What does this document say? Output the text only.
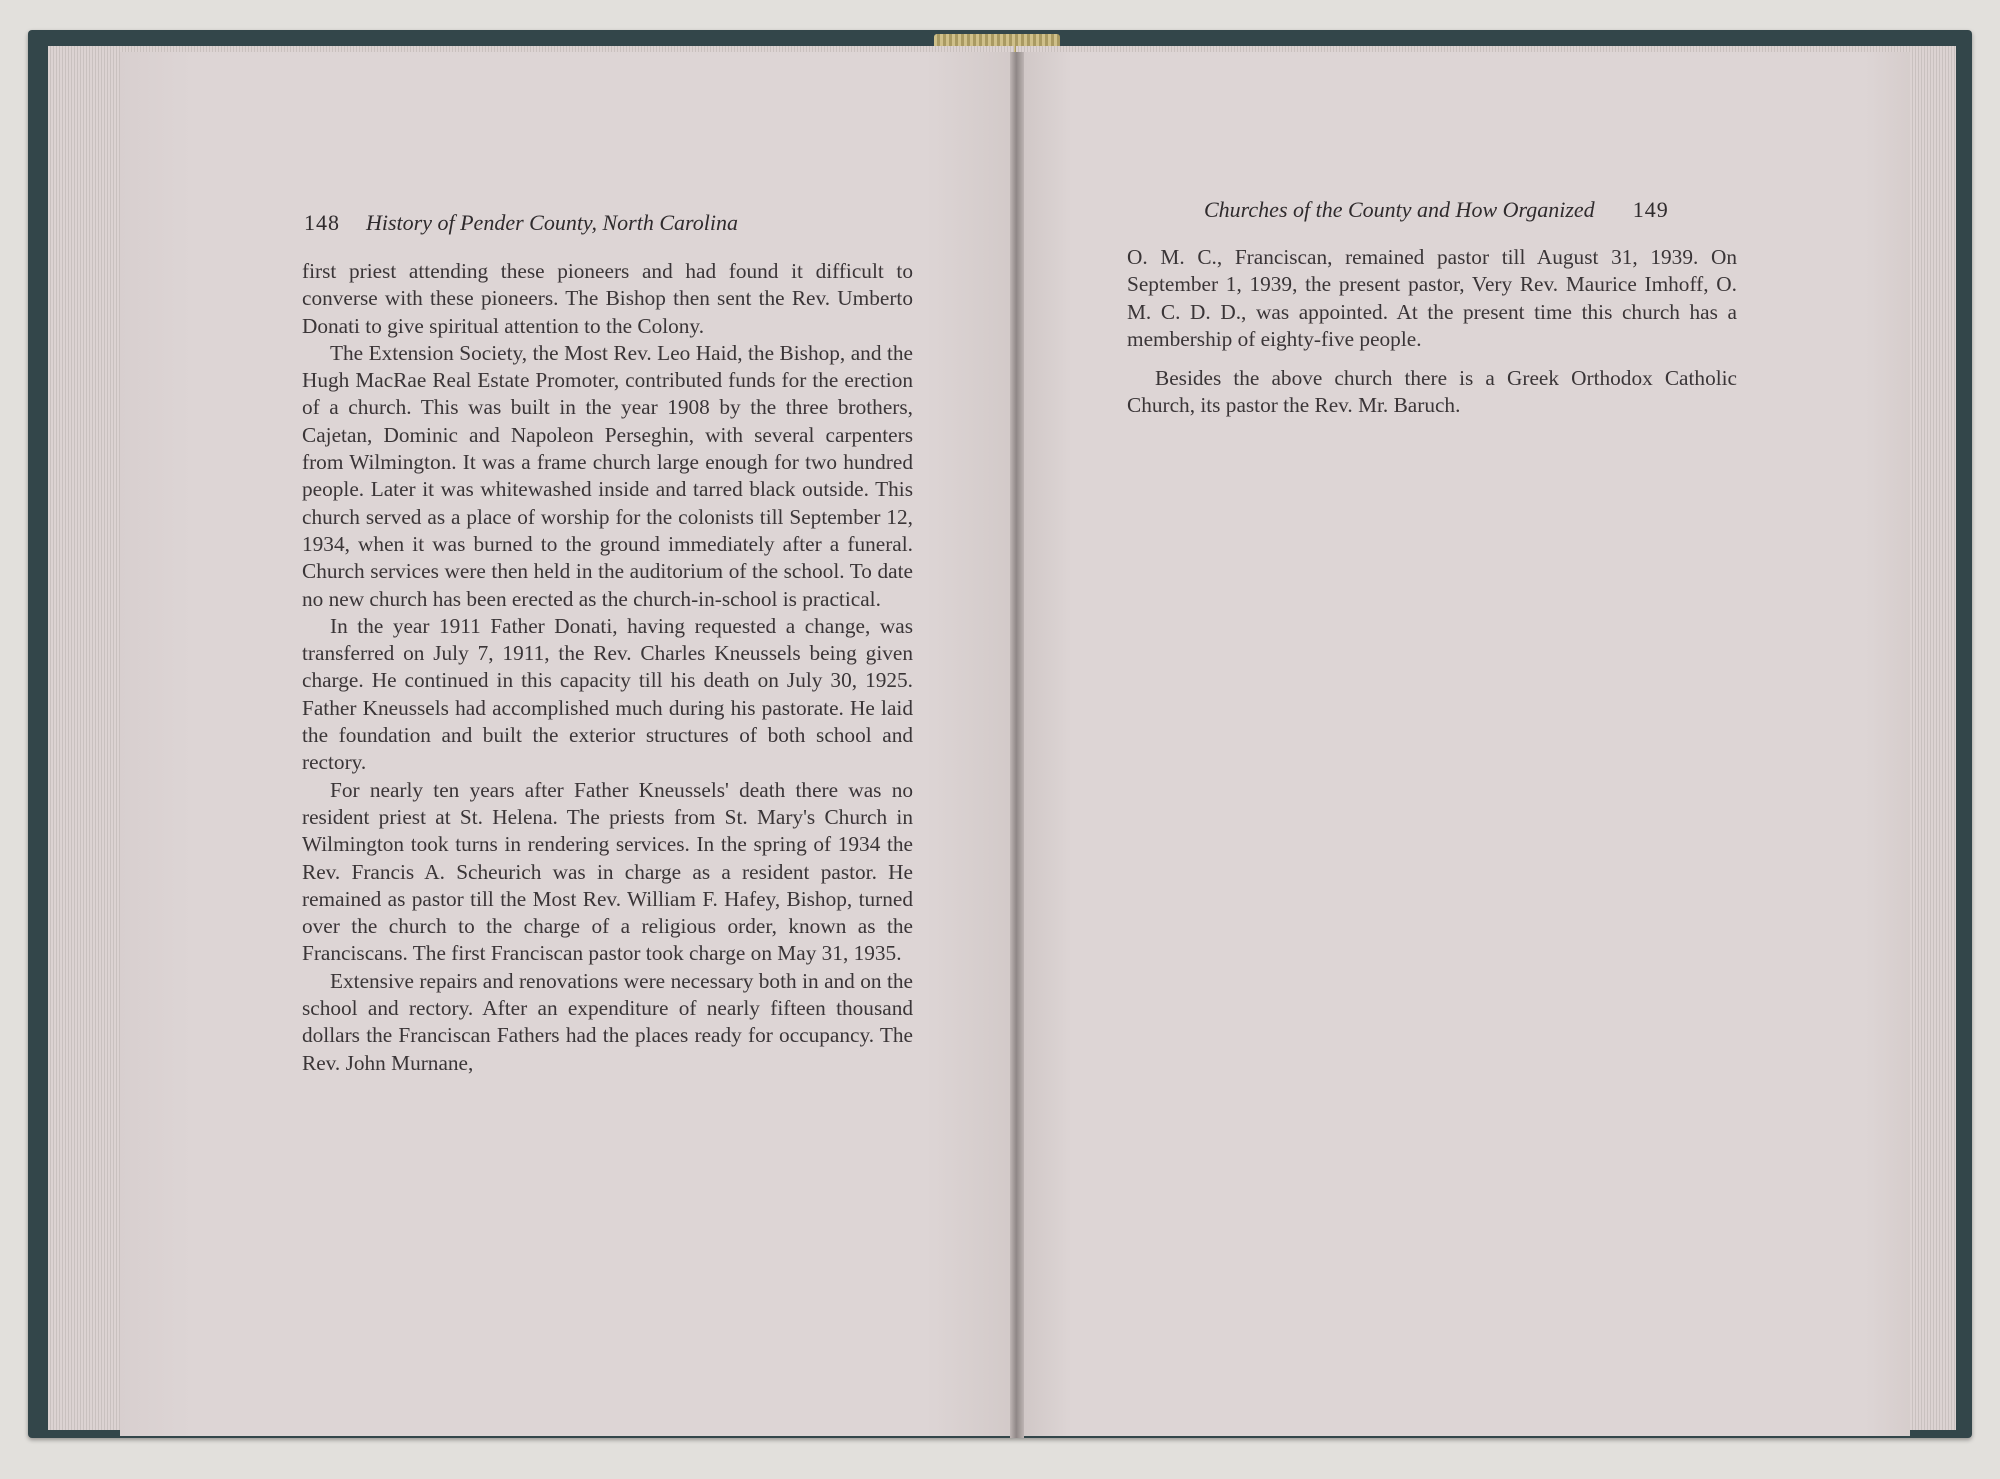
148 History of Pender County, North Carolina

first priest attending these pioneers and had found it difficult to converse with these pioneers. The Bishop then sent the Rev. Umberto Donati to give spiritual attention to the Colony.

The Extension Society, the Most Rev. Leo Haid, the Bishop, and the Hugh MacRae Real Estate Promoter, contributed funds for the erection of a church. This was built in the year 1908 by the three brothers, Cajetan, Dominic and Napoleon Perseghin, with several carpenters from Wilmington. It was a frame church large enough for two hundred people. Later it was whitewashed inside and tarred black outside. This church served as a place of worship for the colonists till September 12, 1934, when it was burned to the ground immediately after a funeral. Church services were then held in the auditorium of the school. To date no new church has been erected as the church-in-school is practical.

In the year 1911 Father Donati, having requested a change, was transferred on July 7, 1911, the Rev. Charles Kneussels being given charge. He continued in this capacity till his death on July 30, 1925. Father Kneussels had accomplished much during his pastorate. He laid the foundation and built the exterior structures of both school and rectory.

For nearly ten years after Father Kneussels' death there was no resident priest at St. Helena. The priests from St. Mary's Church in Wilmington took turns in rendering services. In the spring of 1934 the Rev. Francis A. Scheurich was in charge as a resident pastor. He remained as pastor till the Most Rev. William F. Hafey, Bishop, turned over the church to the charge of a religious order, known as the Franciscans. The first Franciscan pastor took charge on May 31, 1935.

Extensive repairs and renovations were necessary both in and on the school and rectory. After an expenditure of nearly fifteen thousand dollars the Franciscan Fathers had the places ready for occupancy. The Rev. John Murnane,

Churches of the County and How Organized 149

O. M. C., Franciscan, remained pastor till August 31, 1939. On September 1, 1939, the present pastor, Very Rev. Maurice Imhoff, O. M. C. D. D., was appointed. At the present time this church has a membership of eighty-five people.

Besides the above church there is a Greek Orthodox Catholic Church, its pastor the Rev. Mr. Baruch.
